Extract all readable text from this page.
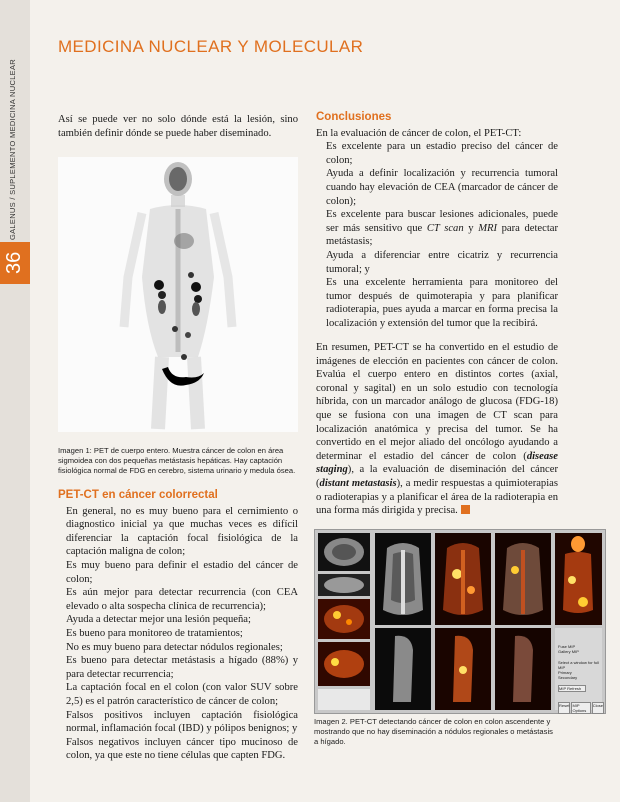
GALENUS / SUPLEMENTO MEDICINA NUCLEAR
36
MEDICINA NUCLEAR Y MOLECULAR

Así se puede ver no solo dónde está la lesión, sino también definir dónde se puede haber diseminado.

Imagen 1: PET de cuerpo entero. Muestra cáncer de colon en área sigmoidea con dos pequeñas metástasis hepáticas. Hay captación fisiológica normal de FDG en cerebro, sistema urinario y medula ósea.
PET-CT en cáncer colorrectal

En general, no es muy bueno para el cernimiento o diagnostico inicial ya que muchas veces es difícil diferenciar la captación focal fisiológica de la captación maligna de colon;

Es muy bueno para definir el estadio del cáncer de colon;

Es aún mejor para detectar recurrencia (con CEA elevado o alta sospecha clínica de recurrencia);

Ayuda a detectar mejor una lesión pequeña;

Es bueno para monitoreo de tratamientos;

No es muy bueno para detectar nódulos regionales;

Es bueno para detectar metástasis a hígado (88%) y para detectar recurrencia;

La captación focal en el colon (con valor SUV sobre 2,5) es el patrón característico de cáncer de colon;

Falsos positivos incluyen captación fisiológica normal, inflamación focal (IBD) y pólipos benignos; y

Falsos negativos incluyen cáncer tipo mucinoso de colon, ya que este no tiene células que capten FDG.

Conclusiones

En la evaluación de cáncer de colon, el PET-CT:

Es excelente para un estadio preciso del cáncer de colon;

Ayuda a definir localización y recurrencia tumoral cuando hay elevación de CEA (marcador de cáncer de colon);

Es excelente para buscar lesiones adicionales, puede ser más sensitivo que CT scan y MRI para detectar metástasis;

Ayuda a diferenciar entre cicatriz y recurrencia tumoral; y

Es una excelente herramienta para monitoreo del tumor después de quimoterapia y para planificar radioterapia, pues ayuda a marcar en forma precisa la localización y extensión del tumor que la recibirá.

En resumen, PET-CT se ha convertido en el estudio de imágenes de elección en pacientes con cáncer de colon. Evalúa el cuerpo entero en distintos cortes (axial, coronal y sagital) en un solo estudio con tecnología híbrida, con un marcador análogo de glucosa (FDG-18) que se fusiona con una imagen de CT scan para localización anatómica y precisa del tumor. Se ha convertido en el mejor aliado del oncólogo ayudando a determinar el estadio del cáncer de colon (disease staging), a la evaluación de diseminación del cáncer (distant metastasis), a medir respuestas a quimioterapias o radioterapias y a planificar el área de la radioterapia en una forma más dirigida y precisa.

Fuse MIP
Gallery MIP
Select a window for full MIP
Primary
Secondary
MIP Refresh
Reset MIP Options
Close
Imagen 2. PET-CT detectando cáncer de colon en colon ascendente y mostrando que no hay diseminación a nódulos regionales o metástasis a hígado.
